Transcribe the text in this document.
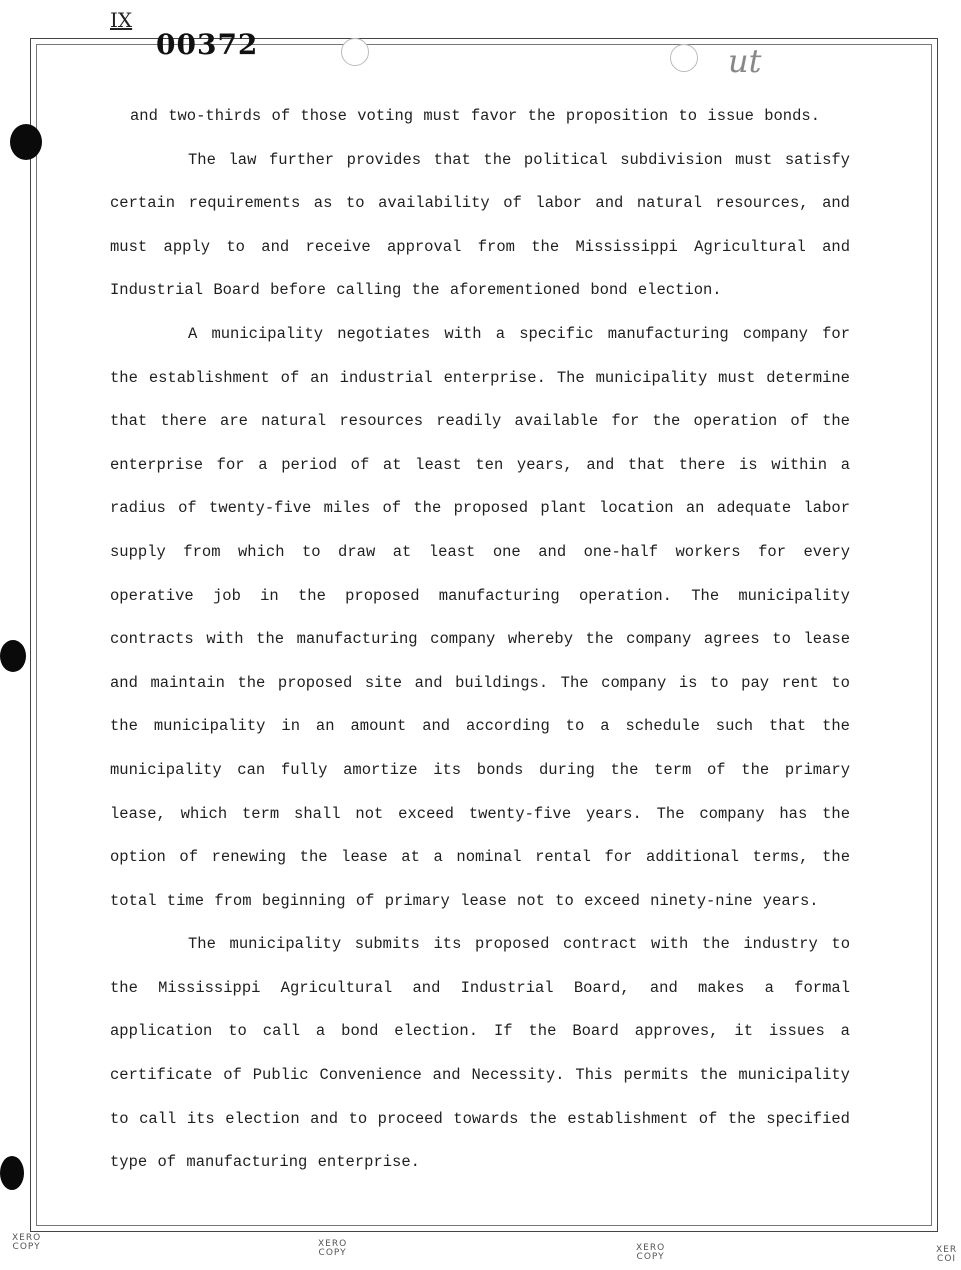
IX
00372	ut

and two-thirds of those voting must favor the proposition to issue bonds.

The law further provides that the political subdivision must satisfy certain requirements as to availability of labor and natural resources, and must apply to and receive approval from the Mississippi Agricultural and Industrial Board before calling the aforementioned bond election.

A municipality negotiates with a specific manufacturing company for the establishment of an industrial enterprise. The municipality must determine that there are natural resources readily available for the operation of the enterprise for a period of at least ten years, and that there is within a radius of twenty-five miles of the proposed plant location an adequate labor supply from which to draw at least one and one-half workers for every operative job in the proposed manufacturing operation. The municipality contracts with the manufacturing company whereby the company agrees to lease and maintain the proposed site and buildings. The company is to pay rent to the municipality in an amount and according to a schedule such that the municipality can fully amortize its bonds during the term of the primary lease, which term shall not exceed twenty-five years. The company has the option of renewing the lease at a nominal rental for additional terms, the total time from beginning of primary lease not to exceed ninety-nine years.

The municipality submits its proposed contract with the industry to the Mississippi Agricultural and Industrial Board, and makes a formal application to call a bond election. If the Board approves, it issues a certificate of Public Convenience and Necessity. This permits the municipality to call its election and to proceed towards the establishment of the specified type of manufacturing enterprise.

XERO
COPY	XERO
COPY	XERO
COPY
XER
COI
